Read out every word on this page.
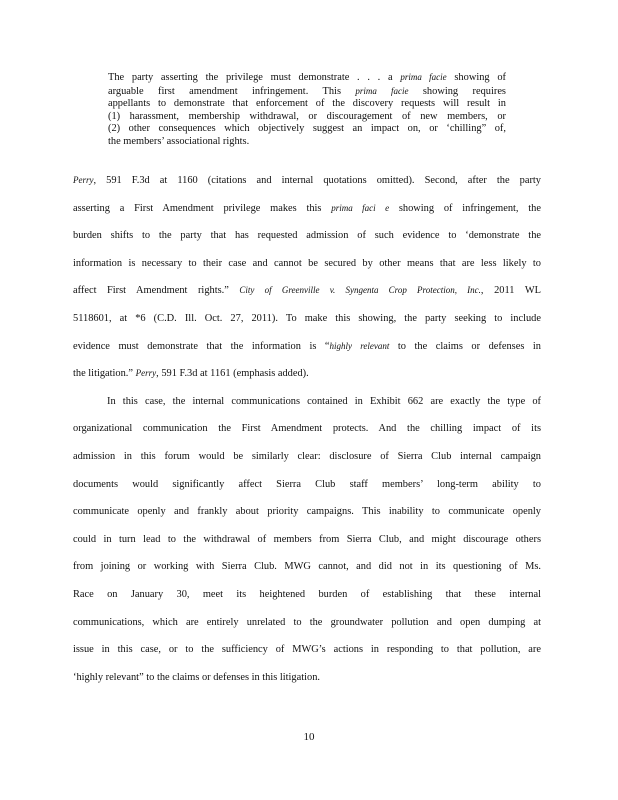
The party asserting the privilege must demonstrate . . . a prima facie showing of
arguable first amendment infringement. This prima facie showing requires
appellants to demonstrate that enforcement of the discovery requests will result in
(1) harassment, membership withdrawal, or discouragement of new members, or
(2) other consequences which objectively suggest an impact on, or ‘chilling” of,
the members’ associational rights.
Perry, 591 F.3d at 1160 (citations and internal quotations omitted). Second, after the party
asserting a First Amendment privilege makes this prima faci e showing of infringement, the
burden shifts to the party that has requested admission of such evidence to ‘demonstrate the
information is necessary to their case and cannot be secured by other means that are less likely to
affect First Amendment rights.” City of Greenville v. Syngenta Crop Protection, Inc., 2011 WL
5118601, at *6 (C.D. Ill. Oct. 27, 2011). To make this showing, the party seeking to include
evidence must demonstrate that the information is “highly relevant to the claims or defenses in
the litigation.” Perry, 591 F.3d at 1161 (emphasis added).
In this case, the internal communications contained in Exhibit 662 are exactly the type of
organizational communication the First Amendment protects. And the chilling impact of its
admission in this forum would be similarly clear: disclosure of Sierra Club internal campaign
documents would significantly affect Sierra Club staff members’ long-term ability to
communicate openly and frankly about priority campaigns. This inability to communicate openly
could in turn lead to the withdrawal of members from Sierra Club, and might discourage others
from joining or working with Sierra Club. MWG cannot, and did not in its questioning of Ms.
Race on January 30, meet its heightened burden of establishing that these internal
communications, which are entirely unrelated to the groundwater pollution and open dumping at
issue in this case, or to the sufficiency of MWG’s actions in responding to that pollution, are
‘highly relevant” to the claims or defenses in this litigation.
10
